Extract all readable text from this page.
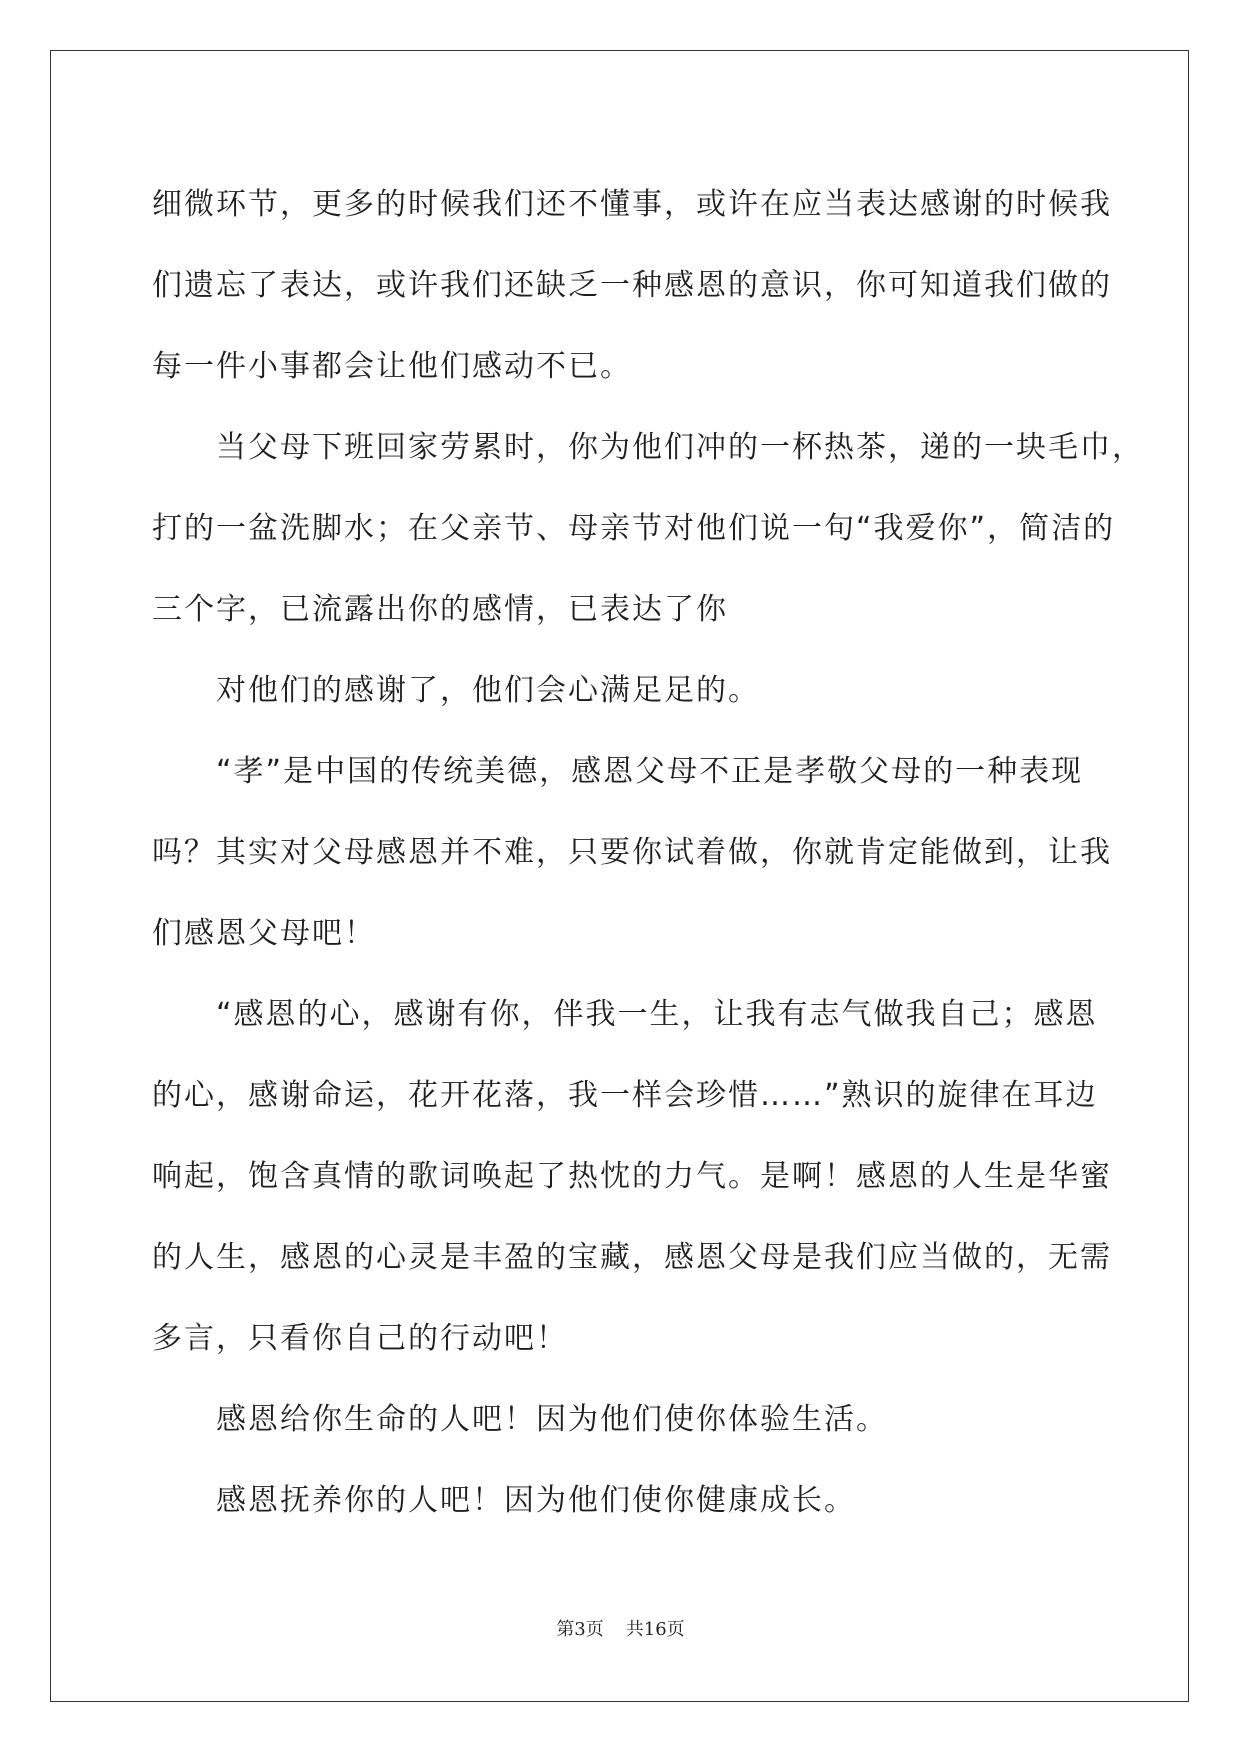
细微环节，更多的时候我们还不懂事，或许在应当表达感谢的时候我

们遗忘了表达，或许我们还缺乏一种感恩的意识，你可知道我们做的

每一件小事都会让他们感动不已。

当父母下班回家劳累时，你为他们冲的一杯热茶，递的一块毛巾，

打的一盆洗脚水；在父亲节、母亲节对他们说一句“我爱你”，简洁的

三个字，已流露出你的感情，已表达了你

对他们的感谢了，他们会心满足足的。

“孝”是中国的传统美德，感恩父母不正是孝敬父母的一种表现

吗？其实对父母感恩并不难，只要你试着做，你就肯定能做到，让我

们感恩父母吧！

“感恩的心，感谢有你，伴我一生，让我有志气做我自己；感恩

的心，感谢命运，花开花落，我一样会珍惜……”熟识的旋律在耳边

响起，饱含真情的歌词唤起了热忱的力气。是啊！感恩的人生是华蜜

的人生，感恩的心灵是丰盈的宝藏，感恩父母是我们应当做的，无需

多言，只看你自己的行动吧！

感恩给你生命的人吧！因为他们使你体验生活。

感恩抚养你的人吧！因为他们使你健康成长。

第3页 共16页
